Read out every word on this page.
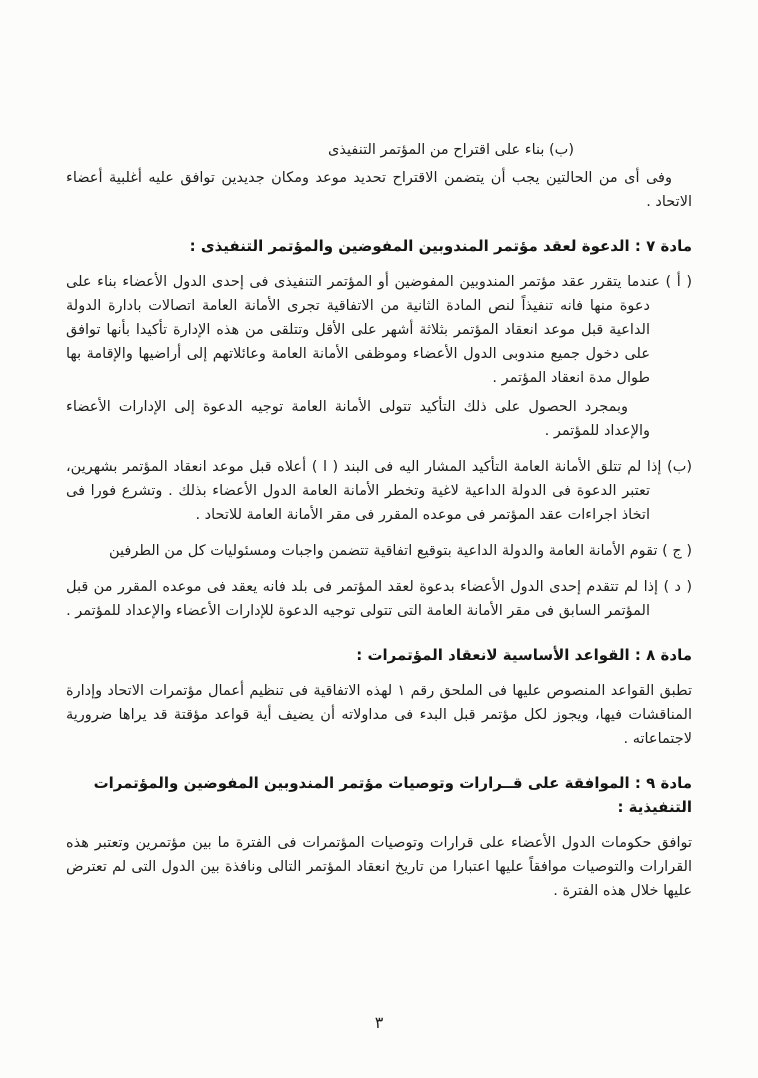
(ب) بناء على اقتراح من المؤتمر التنفيذى

وفى أى من الحالتين يجب أن يتضمن الاقتراح تحديد موعد ومكان جديدين توافق عليه أغلبية أعضاء الاتحاد .

مادة ٧ : الدعوة لعقد مؤتمر المندوبين المفوضين والمؤتمر التنفيذى :

( أ ) عندما يتقرر عقد مؤتمر المندوبين المفوضين أو المؤتمر التنفيذى فى إحدى الدول الأعضاء بناء على دعوة منها فانه تنفيذاً لنص المادة الثانية من الاتفاقية تجرى الأمانة العامة اتصالات بادارة الدولة الداعية قبل موعد انعقاد المؤتمر بثلاثة أشهر على الأقل وتتلقى من هذه الإدارة تأكيدا بأنها توافق على دخول جميع مندوبى الدول الأعضاء وموظفى الأمانة العامة وعائلاتهم إلى أراضيها والإقامة بها طوال مدة انعقاد المؤتمر .

وبمجرد الحصول على ذلك التأكيد تتولى الأمانة العامة توجيه الدعوة إلى الإدارات الأعضاء والإعداد للمؤتمر .

(ب) إذا لم تتلق الأمانة العامة التأكيد المشار اليه فى البند ( ا ) أعلاه قبل موعد انعقاد المؤتمر بشهرين، تعتبر الدعوة فى الدولة الداعية لاغية وتخطر الأمانة العامة الدول الأعضاء بذلك . وتشرع فورا فى اتخاذ اجراءات عقد المؤتمر فى موعده المقرر فى مقر الأمانة العامة للاتحاد .

( ج ) تقوم الأمانة العامة والدولة الداعية بتوقيع اتفاقية تتضمن واجبات ومسئوليات كل من الطرفين

( د ) إذا لم تتقدم إحدى الدول الأعضاء بدعوة لعقد المؤتمر فى بلد فانه يعقد فى موعده المقرر من قبل المؤتمر السابق فى مقر الأمانة العامة التى تتولى توجيه الدعوة للإدارات الأعضاء والإعداد للمؤتمر .

مادة ٨ : القواعد الأساسية لانعقاد المؤتمرات :

تطبق القواعد المنصوص عليها فى الملحق رقم ١ لهذه الاتفاقية فى تنظيم أعمال مؤتمرات الاتحاد وإدارة المناقشات فيها، ويجوز لكل مؤتمر قبل البدء فى مداولاته أن يضيف أية قواعد مؤقتة قد يراها ضرورية لاجتماعاته .

مادة ٩ : الموافقة على قــرارات وتوصيات مؤتمر المندوبين المفوضين والمؤتمرات التنفيذية :

توافق حكومات الدول الأعضاء على قرارات وتوصيات المؤتمرات فى الفترة ما بين مؤتمرين وتعتبر هذه القرارات والتوصيات موافقاً عليها اعتبارا من تاريخ انعقاد المؤتمر التالى ونافذة بين الدول التى لم تعترض عليها خلال هذه الفترة .

٣
